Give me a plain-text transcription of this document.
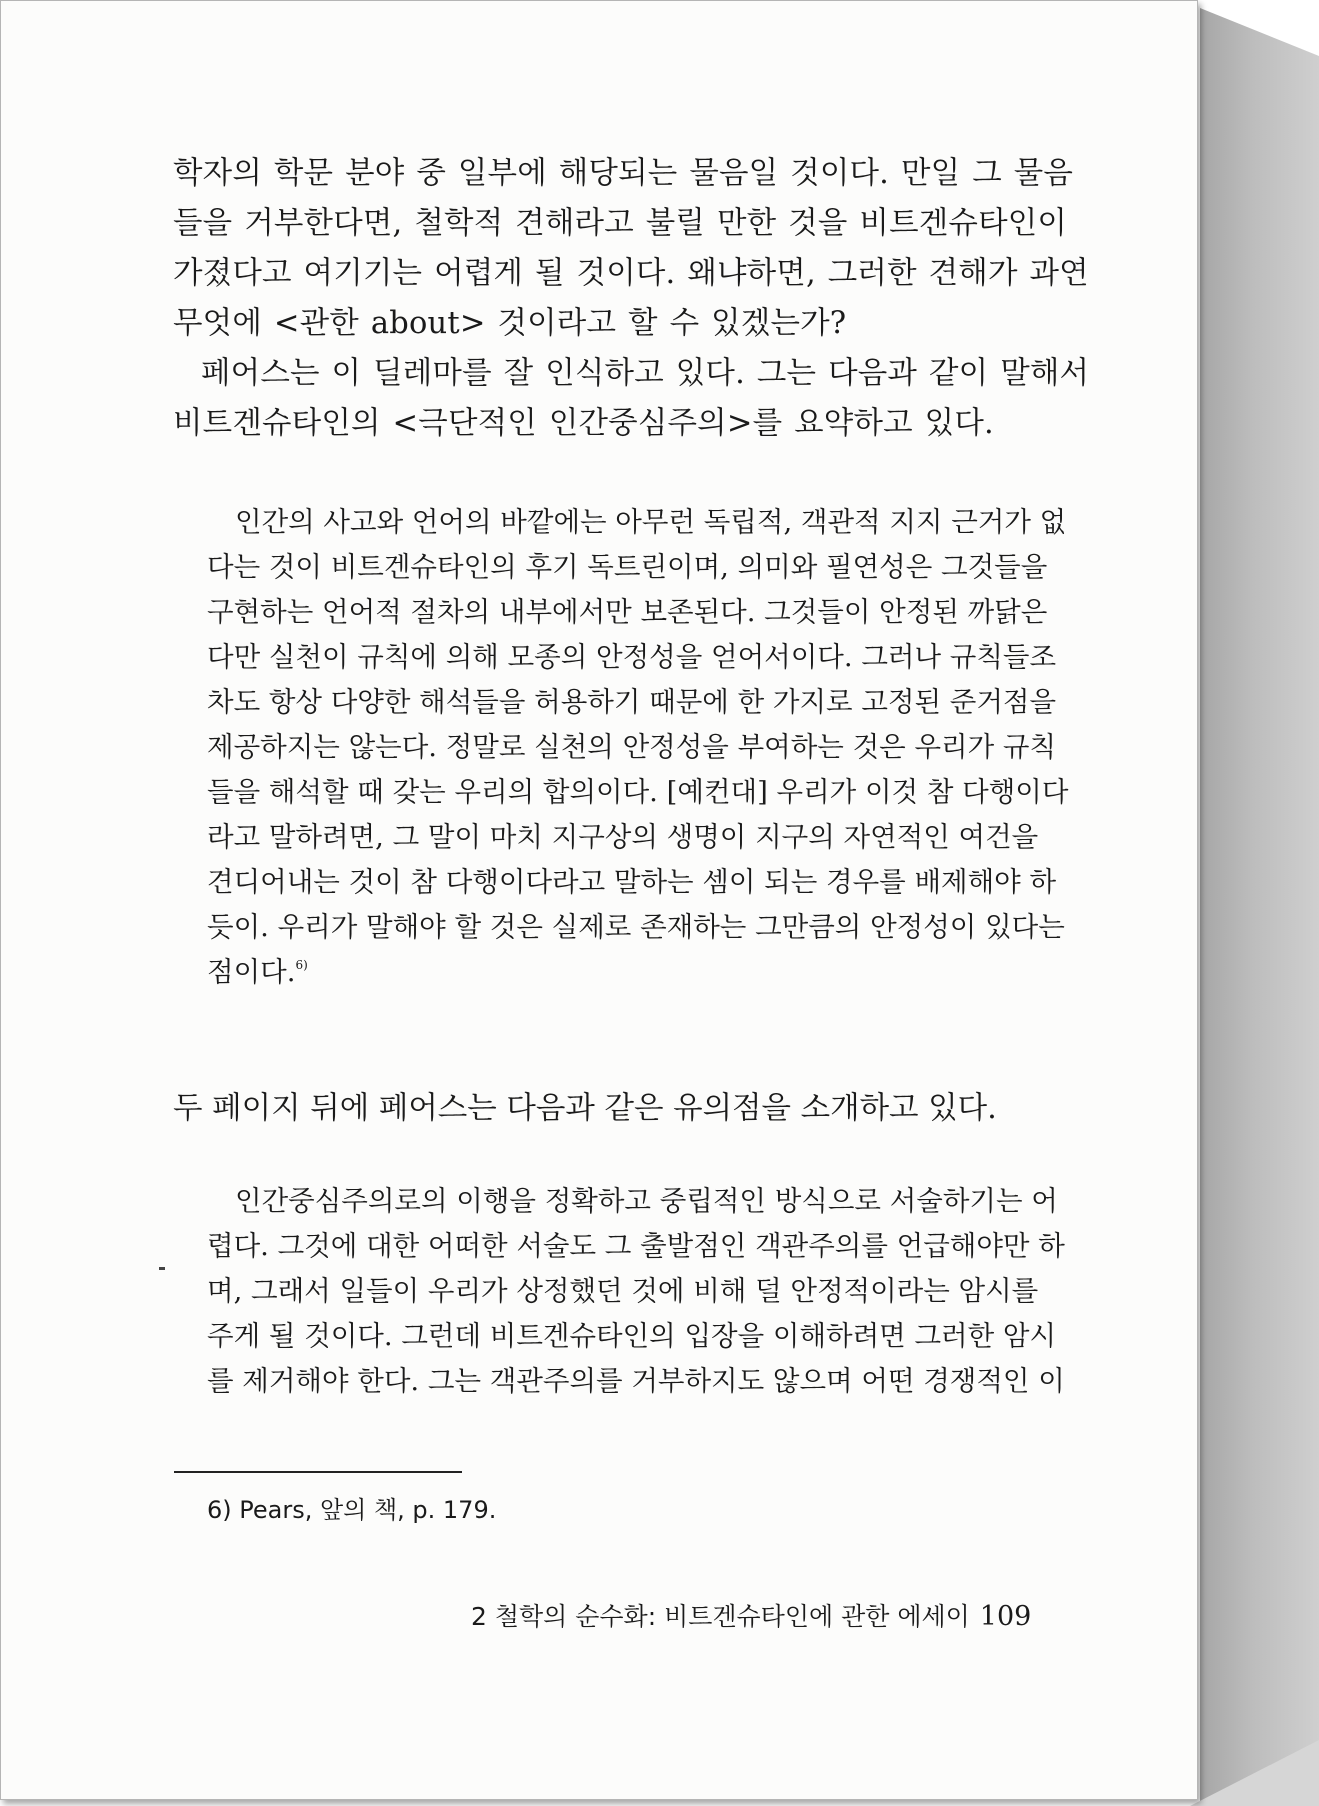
학자의 학문 분야 중 일부에 해당되는 물음일 것이다. 만일 그 물음
들을 거부한다면, 철학적 견해라고 불릴 만한 것을 비트겐슈타인이
가졌다고 여기기는 어렵게 될 것이다. 왜냐하면, 그러한 견해가 과연
무엇에 <관한 about> 것이라고 할 수 있겠는가?
페어스는 이 딜레마를 잘 인식하고 있다. 그는 다음과 같이 말해서
비트겐슈타인의 <극단적인 인간중심주의>를 요약하고 있다.
인간의 사고와 언어의 바깥에는 아무런 독립적, 객관적 지지 근거가 없
다는 것이 비트겐슈타인의 후기 독트린이며, 의미와 필연성은 그것들을
구현하는 언어적 절차의 내부에서만 보존된다. 그것들이 안정된 까닭은
다만 실천이 규칙에 의해 모종의 안정성을 얻어서이다. 그러나 규칙들조
차도 항상 다양한 해석들을 허용하기 때문에 한 가지로 고정된 준거점을
제공하지는 않는다. 정말로 실천의 안정성을 부여하는 것은 우리가 규칙
들을 해석할 때 갖는 우리의 합의이다. [예컨대] 우리가 이것 참 다행이다
라고 말하려면, 그 말이 마치 지구상의 생명이 지구의 자연적인 여건을
견디어내는 것이 참 다행이다라고 말하는 셈이 되는 경우를 배제해야 하
듯이. 우리가 말해야 할 것은 실제로 존재하는 그만큼의 안정성이 있다는
점이다.$^{6)}$
두 페이지 뒤에 페어스는 다음과 같은 유의점을 소개하고 있다.
인간중심주의로의 이행을 정확하고 중립적인 방식으로 서술하기는 어
렵다. 그것에 대한 어떠한 서술도 그 출발점인 객관주의를 언급해야만 하
며, 그래서 일들이 우리가 상정했던 것에 비해 덜 안정적이라는 암시를
주게 될 것이다. 그런데 비트겐슈타인의 입장을 이해하려면 그러한 암시
를 제거해야 한다. 그는 객관주의를 거부하지도 않으며 어떤 경쟁적인 이
6) Pears, 앞의 책, p. 179.
2 철학의 순수화: 비트겐슈타인에 관한 에세이 109
